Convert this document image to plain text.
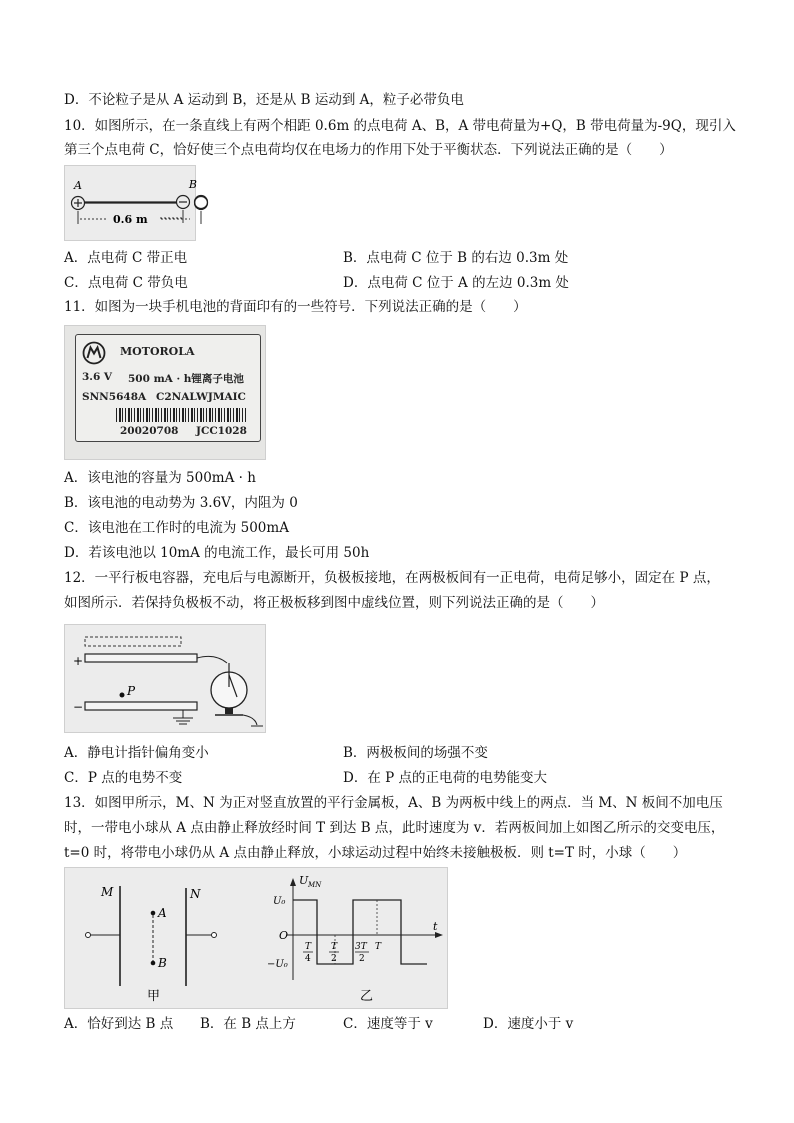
D．不论粒子是从 A 运动到 B，还是从 B 运动到 A，粒子必带负电
10．如图所示，在一条直线上有两个相距 0.6m 的点电荷 A、B，A 带电荷量为+Q，B 带电荷量为-9Q，现引入
第三个点电荷 C，恰好使三个点电荷均仅在电场力的作用下处于平衡状态．下列说法正确的是（　　）
A
0.6 m
B
A．点电荷 C 带正电	B．点电荷 C 位于 B 的右边 0.3m 处
C．点电荷 C 带负电	D．点电荷 C 位于 A 的左边 0.3m 处
11．如图为一块手机电池的背面印有的一些符号．下列说法正确的是（　　）
MOTOROLA
3.6 V 500 mA · h锂离子电池
SNN5648A C2NALWJMAIC
20020708 JCC1028
A．该电池的容量为 500mA · h
B．该电池的电动势为 3.6V，内阻为 0
C．该电池在工作时的电流为 500mA
D．若该电池以 10mA 的电流工作，最长可用 50h
12．一平行板电容器，充电后与电源断开，负极板接地，在两极板间有一正电荷，电荷足够小，固定在 P 点，
如图所示．若保持负极板不动，将正极板移到图中虚线位置，则下列说法正确的是（　　）
+
−
P
A．静电计指针偏角变小	B．两极板间的场强不变
C．P 点的电势不变	D．在 P 点的正电荷的电势能变大
13．如图甲所示，M、N 为正对竖直放置的平行金属板，A、B 为两板中线上的两点．当 M、N 板间不加电压
时，一带电小球从 A 点由静止释放经时间 T 到达 B 点，此时速度为 v．若两板间加上如图乙所示的交变电压，
t=0 时，将带电小球仍从 A 点由静止释放，小球运动过程中始终未接触极板．则 t=T 时，小球（　　）
M	N
A
B
甲
U MN
t
O
U₀
−U₀
T
4
T
2
3T
2
T
乙
A．恰好到达 B 点 B．在 B 点上方	C．速度等于 v	D．速度小于 v
